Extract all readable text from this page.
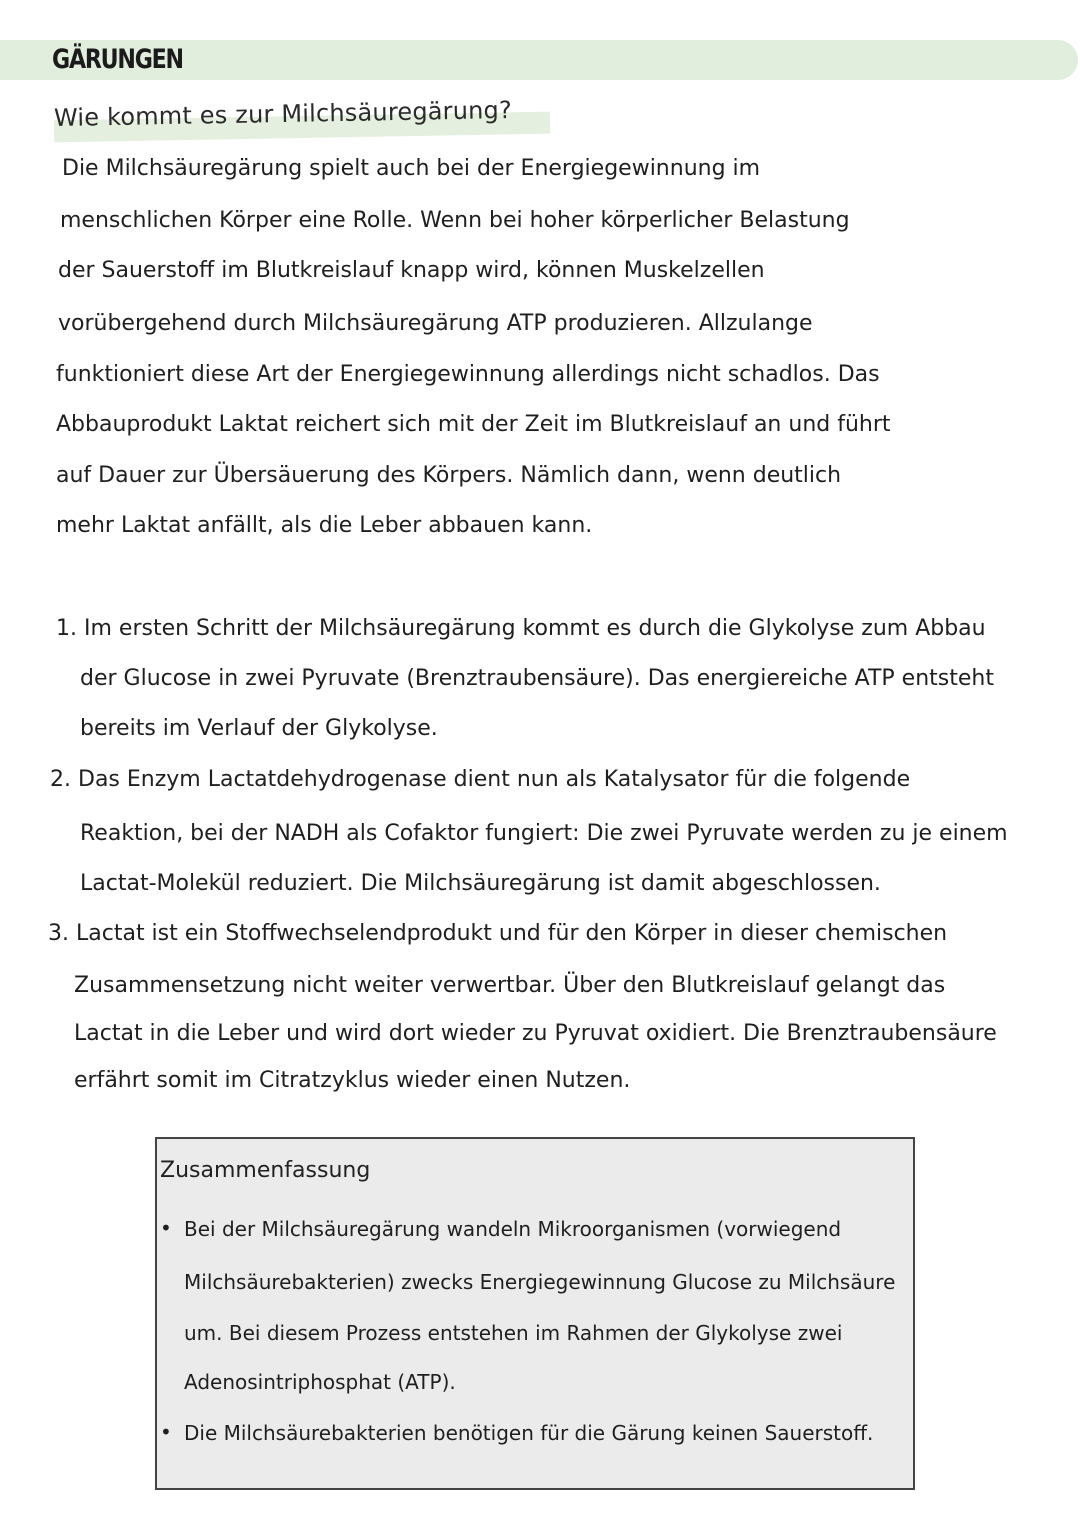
GÄRUNGEN
Wie kommt es zur Milchsäuregärung?
Die Milchsäuregärung spielt auch bei der Energiegewinnung im
menschlichen Körper eine Rolle. Wenn bei hoher körperlicher Belastung
der Sauerstoff im Blutkreislauf knapp wird, können Muskelzellen
vorübergehend durch Milchsäuregärung ATP produzieren. Allzulange
funktioniert diese Art der Energiegewinnung allerdings nicht schadlos. Das
Abbauprodukt Laktat reichert sich mit der Zeit im Blutkreislauf an und führt
auf Dauer zur Übersäuerung des Körpers. Nämlich dann, wenn deutlich
mehr Laktat anfällt, als die Leber abbauen kann.
1. Im ersten Schritt der Milchsäuregärung kommt es durch die Glykolyse zum Abbau
der Glucose in zwei Pyruvate (Brenztraubensäure). Das energiereiche ATP entsteht
bereits im Verlauf der Glykolyse.
2. Das Enzym Lactatdehydrogenase dient nun als Katalysator für die folgende
Reaktion, bei der NADH als Cofaktor fungiert: Die zwei Pyruvate werden zu je einem
Lactat-Molekül reduziert. Die Milchsäuregärung ist damit abgeschlossen.
3. Lactat ist ein Stoffwechselendprodukt und für den Körper in dieser chemischen
Zusammensetzung nicht weiter verwertbar. Über den Blutkreislauf gelangt das
Lactat in die Leber und wird dort wieder zu Pyruvat oxidiert. Die Brenztraubensäure
erfährt somit im Citratzyklus wieder einen Nutzen.
Zusammenfassung
• Bei der Milchsäuregärung wandeln Mikroorganismen (vorwiegend
Milchsäurebakterien) zwecks Energiegewinnung Glucose zu Milchsäure
um. Bei diesem Prozess entstehen im Rahmen der Glykolyse zwei
Adenosintriphosphat (ATP).
• Die Milchsäurebakterien benötigen für die Gärung keinen Sauerstoff.
